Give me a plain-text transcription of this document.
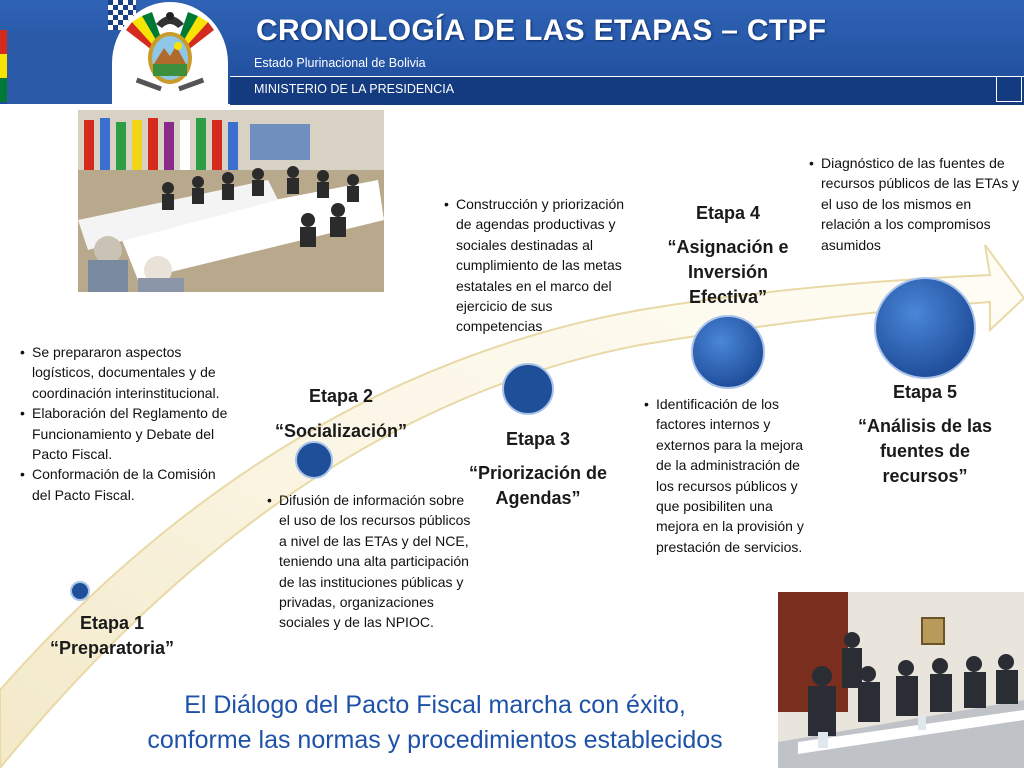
CRONOLOGÍA DE LAS ETAPAS – CTPF
Estado Plurinacional de Bolivia
MINISTERIO DE LA PRESIDENCIA
• Se prepararon aspectos logísticos, documentales y de coordinación interinstitucional.
• Elaboración del Reglamento de Funcionamiento y Debate del Pacto Fiscal.
• Conformación de la Comisión del Pacto Fiscal.
Etapa 1
“Preparatoria”
Etapa 2
“Socialización”
• Difusión de información sobre el uso de los recursos públicos a nivel de las ETAs y del NCE, teniendo una alta participación de las instituciones públicas y privadas, organizaciones sociales y de las NPIOC.
• Construcción y priorización de agendas productivas y sociales destinadas al cumplimiento de las metas estatales en el marco del ejercicio de sus competencias
Etapa 3
“Priorización de
Agendas”
Etapa 4
“Asignación e
Inversión
Efectiva”
• Identificación de los factores internos y externos para la mejora de la administración de los recursos públicos y que posibiliten una mejora en la provisión y prestación de servicios.
• Diagnóstico de las fuentes de recursos públicos de las ETAs y el uso de los mismos en relación a los compromisos asumidos
Etapa 5
“Análisis de las
fuentes de
recursos”
El Diálogo del Pacto Fiscal marcha con éxito,
conforme las normas y procedimientos establecidos
